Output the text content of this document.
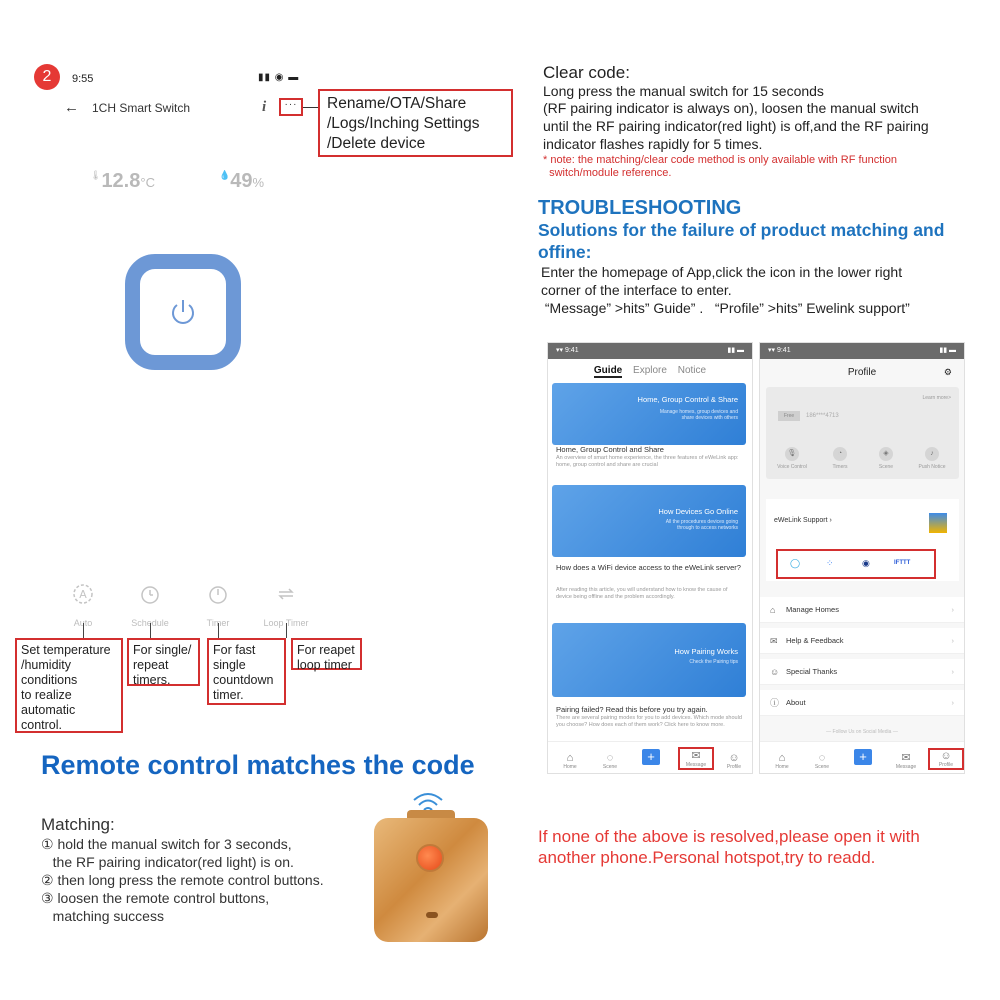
2	9:55	▮▮ ◉ ▬
← 1CH Smart Switch	i	···	Rename/OTA/Share
/Logs/Inching Settings
/Delete device
🌡12.8°C	💧49%
A
Auto	Schedule	Timer	Loop Timer
Set temperature
/humidity
conditions
to realize
automatic
control.
For single/
repeat
timers.
For fast
single
countdown
timer.
For reapet
loop timer
Remote control matches the code
Matching:
① hold the manual switch for 3 seconds,
the RF pairing indicator(red light) is on.
② then long press the remote control buttons.
③ loosen the remote control buttons,
matching success
Clear code:
Long press the manual switch for 15 seconds
(RF pairing indicator is always on), loosen the manual switch
until the RF pairing indicator(red light) is off,and the RF pairing
indicator flashes rapidly for 5 times.
* note: the matching/clear code method is only available with RF function
switch/module reference.
TROUBLESHOOTING
Solutions for the failure of product matching and
offine:
Enter the homepage of App,click the icon in the lower right
corner of the interface to enter.
“Message” >hits” Guide” .   “Profile” >hits” Ewelink support”
▾▾ 9:41	▮▮ ▬
Guide Explore Notice
Home, Group Control & Share
Manage homes, group devices and share devices with others
Home, Group Control and Share
An overview of smart home experience, the three features of eWeLink app: home, group control and share are crucial
How Devices Go Online
All the procedures devices going through to access networks
How does a WiFi device access to the eWeLink server?
After reading this article, you will understand how to know the cause of device being offline and the problem accordingly.
How Pairing Works
Check the Pairing tips
Pairing failed? Read this before you try again.
There are several pairing modes for you to add devices. Which mode should you choose? How does each of them work? Click here to know more.
⌂
Home
◌
Scene
+	✉
Message
☺
Profile
▾▾ 9:41	▮▮ ▬
Profile	⚙
Learn more>
Free	186****4713
🎙
Voice Control
◔
Timers
◈
Scene
♪
Push Notice
eWeLink Support ›
◯	⁘	◉	IFTTT
⌂ Manage Homes	›
✉ Help & Feedback	›
☺ Special Thanks	›
ⓘ About	›
— Follow Us on Social Media —
⌂
Home
◌
Scene
+	✉
Message
☺
Profile
If none of the above is resolved,please open it with
another phone.Personal hotspot,try to readd.
